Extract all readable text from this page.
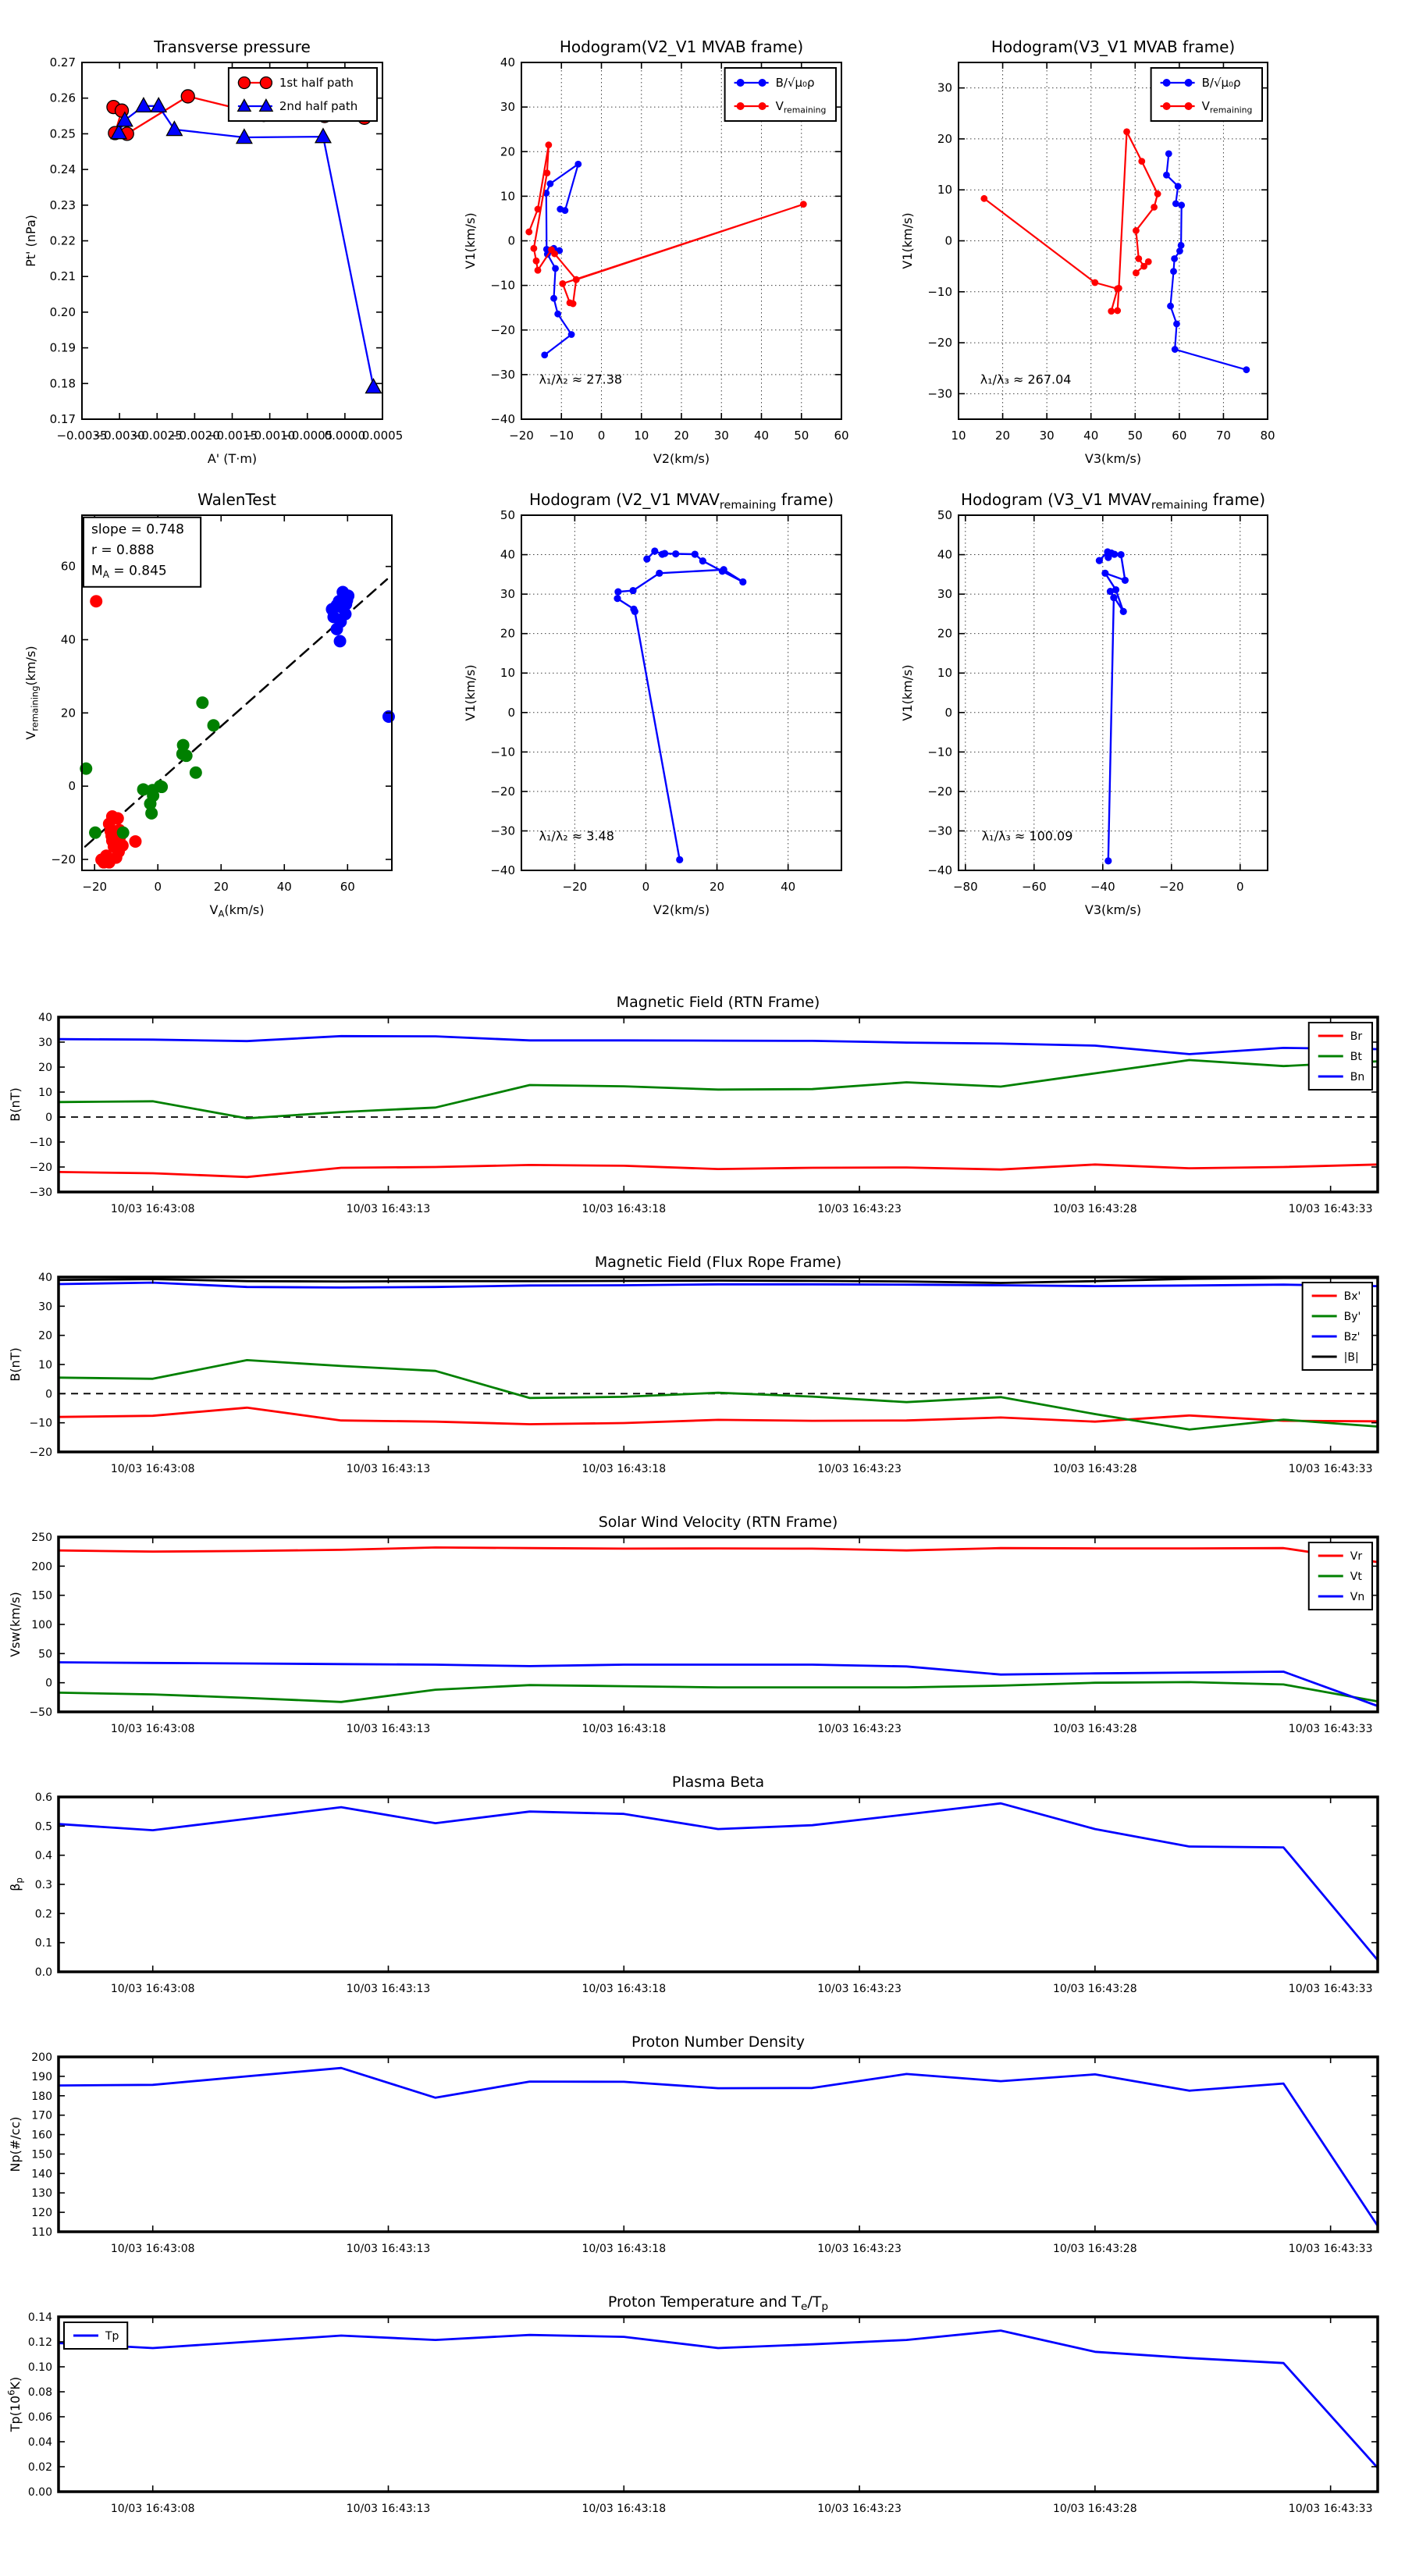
−0.0035
−0.0030
−0.0025
−0.0020
−0.0015
−0.0010
−0.0005
0.0000
0.0005
0.17
0.18
0.19
0.20
0.21
0.22
0.23
0.24
0.25
0.26
0.27
Transverse pressure
A' (T·m)
Pt' (nPa)
1st half path
2nd half path
−20 −10 0 10 20 30 40 50 60
−40
−30
−20
−10
0
10
20
30
40
Hodogram(V2_V1 MVAB frame)
V2(km/s)
V1(km/s)
B/√μ₀ρ
$V_{remaining}$
λ₁/λ₂ ≈ 27.38
10 20 30 40 50 60 70 80
−30
−20
−10
0
10
20
30
Hodogram(V3_V1 MVAB frame)
V3(km/s)
V1(km/s)
B/√μ₀ρ
$V_{remaining}$
λ₁/λ₃ ≈ 267.04
−20	0	20	40	60
−20
0
20
40
60
WalenTest
$V_A(km/s)$
$V_{remaining}(km/s)$
slope = 0.748
r = 0.888
$M_A = 0.845$
−20	0	20	40
−40
−30
−20
−10
0
10
20
30
40
50
Hodogram (V2_V1 $MVAV_{remaining}$ frame)
V2(km/s)
V1(km/s)
λ₁/λ₂ ≈ 3.48
−80	−60	−40	−20	0
−40
−30
−20
−10
0
10
20
30
40
50
Hodogram (V3_V1 $MVAV_{remaining}$ frame)
V3(km/s)
V1(km/s)
λ₁/λ₃ ≈ 100.09
10/03 16:43:08	10/03 16:43:13	10/03 16:43:18	10/03 16:43:23	10/03 16:43:28	10/03 16:43:33
−30
−20
−10
0
10
20
30
40
Magnetic Field (RTN Frame)
B(nT)
Br
Bt
Bn
10/03 16:43:08	10/03 16:43:13	10/03 16:43:18	10/03 16:43:23	10/03 16:43:28	10/03 16:43:33
−20
−10
0
10
20
30
40
Magnetic Field (Flux Rope Frame)
B(nT)
Bx'
By'
Bz'
|B|
10/03 16:43:08	10/03 16:43:13	10/03 16:43:18	10/03 16:43:23	10/03 16:43:28	10/03 16:43:33
−50
0
50
100
150
200
250
Solar Wind Velocity (RTN Frame)
Vsw(km/s)
Vr
Vt
Vn
10/03 16:43:08	10/03 16:43:13	10/03 16:43:18	10/03 16:43:23	10/03 16:43:28	10/03 16:43:33
0.0
0.1
0.2
0.3
0.4
0.5
0.6
Plasma Beta
$\beta_p$
10/03 16:43:08	10/03 16:43:13	10/03 16:43:18	10/03 16:43:23	10/03 16:43:28	10/03 16:43:33
110
120
130
140
150
160
170
180
190
200
Proton Number Density
Np(#/cc)
10/03 16:43:08	10/03 16:43:13	10/03 16:43:18	10/03 16:43:23	10/03 16:43:28	10/03 16:43:33
0.00
0.02
0.04
0.06
0.08
0.10
0.12
0.14
Proton Temperature and $T_e/T_p$
$Tp(10^6K)$
Tp
